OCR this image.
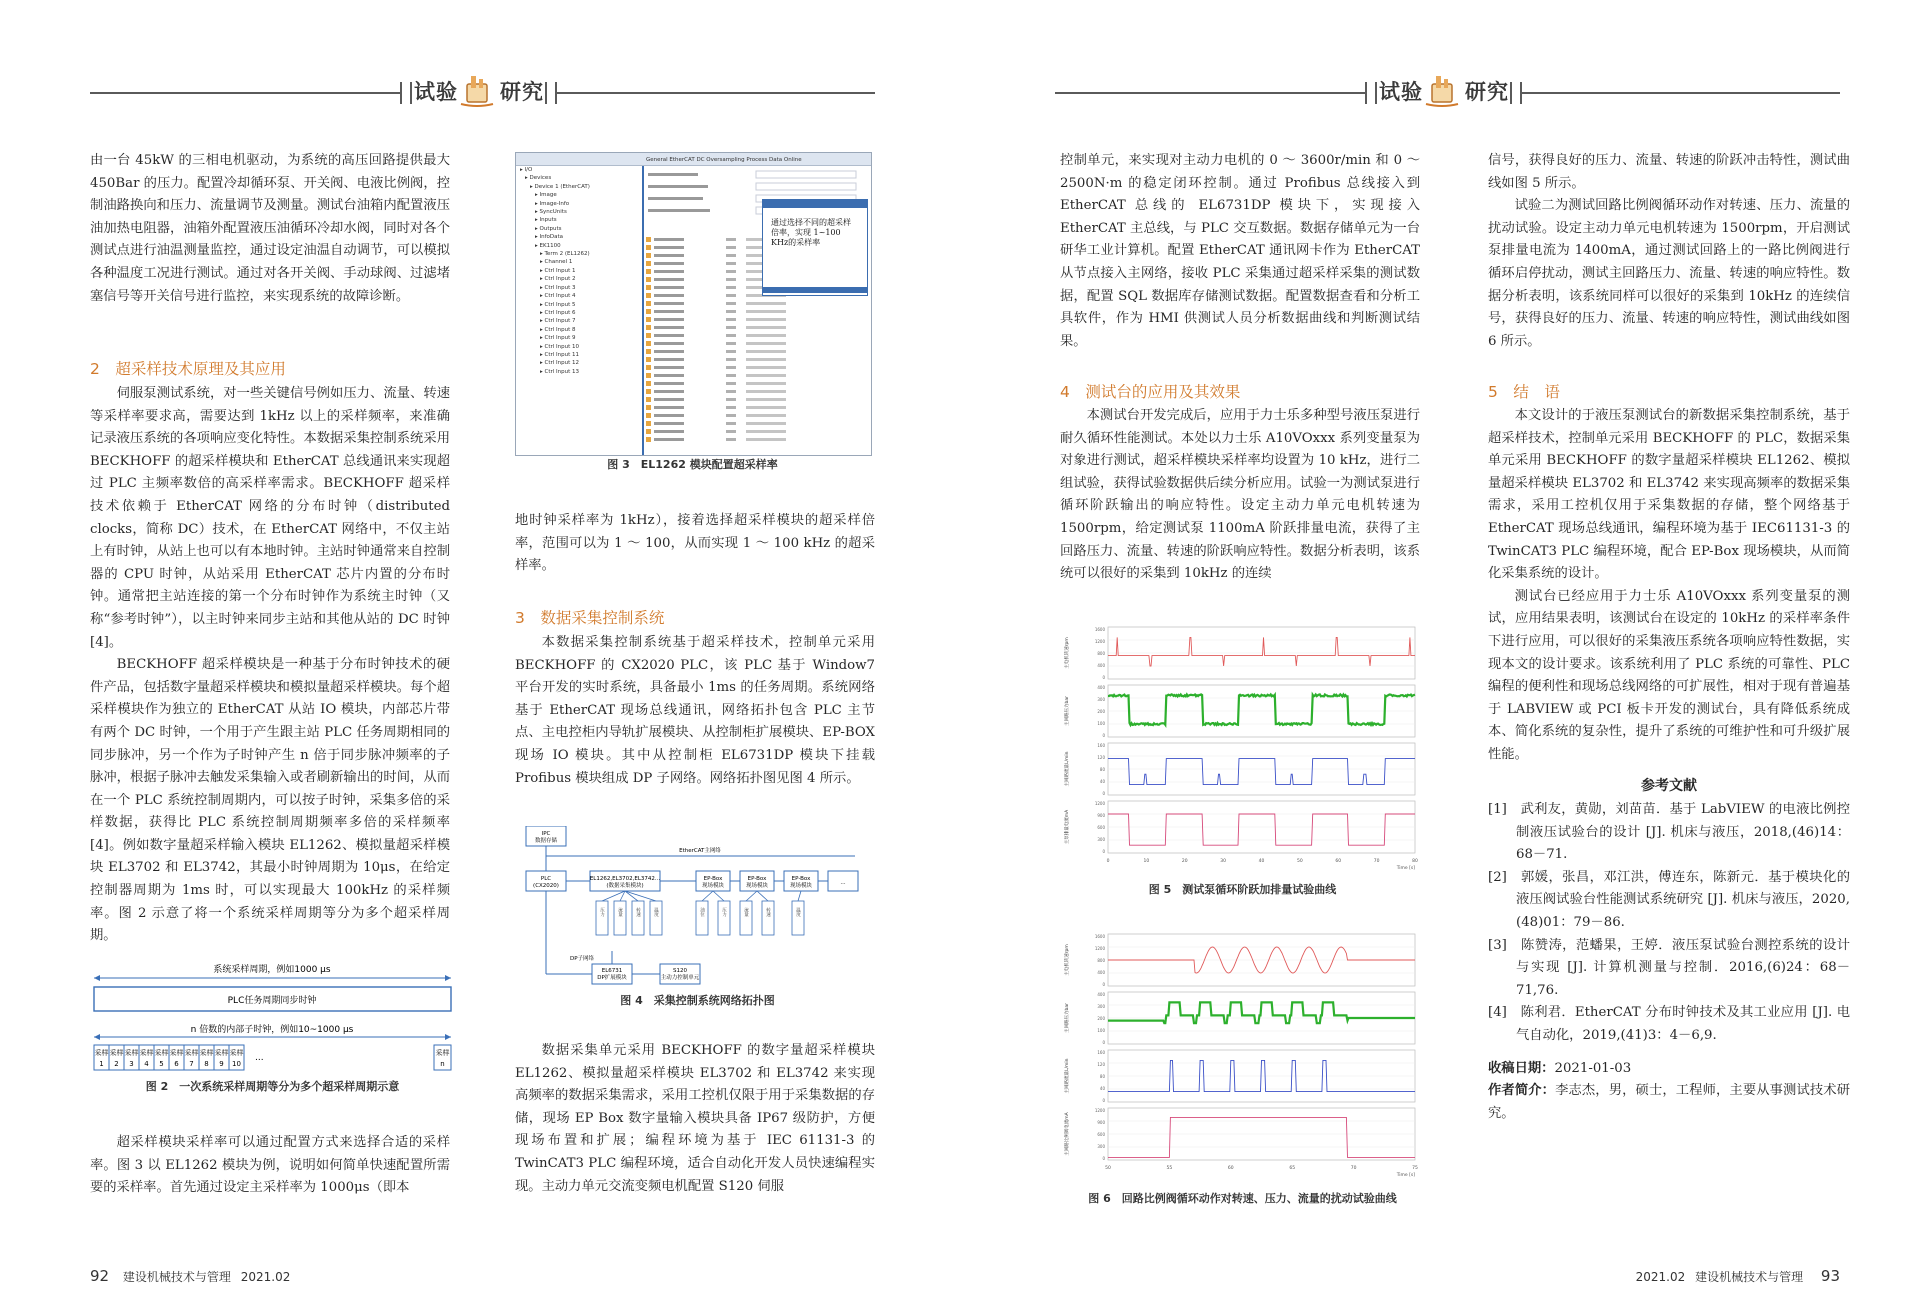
试验 研究	试验 研究

由一台 45kW 的三相电机驱动，为系统的高压回路提供最大 450Bar 的压力。配置冷却循环泵、开关阀、电液比例阀，控制油路换向和压力、流量调节及测量。测试台油箱内配置液压油加热电阻器，油箱外配置液压油循环冷却水阀，同时对各个测试点进行油温测量监控，通过设定油温自动调节，可以模拟各种温度工况进行测试。通过对各开关阀、手动球阀、过滤堵塞信号等开关信号进行监控，来实现系统的故障诊断。

2　超采样技术原理及其应用

伺服泵测试系统，对一些关键信号例如压力、流量、转速等采样率要求高，需要达到 1kHz 以上的采样频率，来准确记录液压系统的各项响应变化特性。本数据采集控制系统采用 BECKHOFF 的超采样模块和 EtherCAT 总线通讯来实现超过 PLC 主频率数倍的高采样率需求。BECKHOFF 超采样技术依赖于 EtherCAT 网络的分布时钟（distributed clocks，简称 DC）技术，在 EtherCAT 网络中，不仅主站上有时钟，从站上也可以有本地时钟。主站时钟通常来自控制器的 CPU 时钟，从站采用 EtherCAT 芯片内置的分布时钟。通常把主站连接的第一个分布时钟作为系统主时钟（又称“参考时钟”），以主时钟来同步主站和其他从站的 DC 时钟 [4]。

BECKHOFF 超采样模块是一种基于分布时钟技术的硬件产品，包括数字量超采样模块和模拟量超采样模块。每个超采样模块作为独立的 EtherCAT 从站 IO 模块，内部芯片带有两个 DC 时钟，一个用于产生跟主站 PLC 任务周期相同的同步脉冲，另一个作为子时钟产生 n 倍于同步脉冲频率的子脉冲，根据子脉冲去触发采集输入或者刷新输出的时间，从而在一个 PLC 系统控制周期内，可以按子时钟，采集多倍的采样数据，获得比 PLC 系统控制周期频率多倍的采样频率 [4]。例如数字量超采样输入模块 EL1262、模拟量超采样模块 EL3702 和 EL3742，其最小时钟周期为 10μs，在给定控制器周期为 1ms 时，可以实现最大 100kHz 的采样频率。图 2 示意了将一个系统采样周期等分为多个超采样周期。

系统采样周期，例如1000 μs
PLC任务周期同步时钟
n 倍数的内部子时钟，例如10~1000 μs
采样
1
采样
2
采样
3
采样
4
采样
5
采样
6
采样
7
采样
8
采样
9
采样
10
...	采样
n
图 2　一次系统采样周期等分为多个超采样周期示意

超采样模块采样率可以通过配置方式来选择合适的采样率。图 3 以 EL1262 模块为例，说明如何简单快速配置所需要的采样率。首先通过设定主采样率为 1000μs（即本

▸ I/O
▸ Devices
▸ Device 1 (EtherCAT)
▸ Image
▸ Image-Info
▸ SyncUnits
▸ Inputs
▸ Outputs
▸ InfoData
▸ EK1100
▸ Term 2 (EL1262)
▸ Channel 1
▸ Ctrl Input 1
▸ Ctrl Input 2
▸ Ctrl Input 3
▸ Ctrl Input 4
▸ Ctrl Input 5
▸ Ctrl Input 6
▸ Ctrl Input 7
▸ Ctrl Input 8
▸ Ctrl Input 9
▸ Ctrl Input 10
▸ Ctrl Input 11
▸ Ctrl Input 12
▸ Ctrl Input 13
General EtherCAT DC Oversampling Process Data Online
通过选择不同的超采样倍率，实现 1~100 KHz的采样率
图 3　EL1262 模块配置超采样率

地时钟采样率为 1kHz），接着选择超采样模块的超采样倍率，范围可以为 1 ～ 100，从而实现 1 ～ 100 kHz 的超采样率。

3　数据采集控制系统

本数据采集控制系统基于超采样技术，控制单元采用 BECKHOFF 的 CX2020 PLC，该 PLC 基于 Window7 平台开发的实时系统，具备最小 1ms 的任务周期。系统网络基于 EtherCAT 现场总线通讯，网络拓扑包含 PLC 主节点、主电控柜内导轨扩展模块、从控制柜扩展模块、EP-BOX 现场 IO 模块。其中从控制柜 EL6731DP 模块下挂载 Profibus 模块组成 DP 子网络。网络拓扑图见图 4 所示。

压力	流量	转速	温度	油位	压力	流量	转速	温度
IPC
数据存储
EtherCAT主网络
PLC
(CX2020)
EL1262,EL3702,EL3742...
(数据采集模块)
EP-Box
现场模块
EP-Box
现场模块
EP-Box
现场模块	...
DP子网络
EL6731
DP扩展模块
S120
主动力控制单元
图 4　采集控制系统网络拓扑图

数据采集单元采用 BECKHOFF 的数字量超采样模块 EL1262、模拟量超采样模块 EL3702 和 EL3742 来实现高频率的数据采集需求，采用工控机仅限于用于采集数据的存储，现场 EP Box 数字量输入模块具备 IP67 级防护，方便现场布置和扩展；编程环境为基于 IEC 61131-3 的 TwinCAT3 PLC 编程环境，适合自动化开发人员快速编程实现。主动力单元交流变频电机配置 S120 伺服

控制单元，来实现对主动力电机的 0 ～ 3600r/min 和 0 ～ 2500N·m 的稳定闭环控制。通过 Profibus 总线接入到 EtherCAT 总线的 EL6731DP 模块下，实现接入 EtherCAT 主总线，与 PLC 交互数据。数据存储单元为一台研华工业计算机。配置 EtherCAT 通讯网卡作为 EtherCAT 从节点接入主网络，接收 PLC 采集通过超采样采集的测试数据，配置 SQL 数据库存储测试数据。配置数据查看和分析工具软件，作为 HMI 供测试人员分析数据曲线和判断测试结果。

4　测试台的应用及其效果

本测试台开发完成后，应用于力士乐多种型号液压泵进行耐久循环性能测试。本处以力士乐 A10VOxxx 系列变量泵为对象进行测试，超采样模块采样率均设置为 10 kHz，进行二组试验，获得试验数据供后续分析应用。试验一为测试泵进行循环阶跃输出的响应特性。设定主动力单元电机转速为 1500rpm，给定测试泵 1100mA 阶跃排量电流，获得了主回路压力、流量、转速的阶跃响应特性。数据分析表明，该系统可以很好的采集到 10kHz 的连续

主电机转速rpm
1600
1200
800
400
0
主回路压力bar
400
300
200
100
0
主回路流量L/min
160
120
80
40
0
主泵排量电流mA
1200
900
600
300
0
0	10	20	30	40	50	60	70	80
Time [s]
图 5　测试泵循环阶跃加排量试验曲线
主电机转速rpm
1600
1200
800
400
0
主回路压力bar
400
300
200
100
0
主回路流量L/min
160
120
80
40
0
主回路比例阀电流mA
1200
900
600
300
0
50	55	60	65	70	75
Time [s]
图 6　回路比例阀循环动作对转速、压力、流量的扰动试验曲线

信号，获得良好的压力、流量、转速的阶跃冲击特性，测试曲线如图 5 所示。

试验二为测试回路比例阀循环动作对转速、压力、流量的扰动试验。设定主动力单元电机转速为 1500rpm，开启测试泵排量电流为 1400mA，通过测试回路上的一路比例阀进行循环启停扰动，测试主回路压力、流量、转速的响应特性。数据分析表明，该系统同样可以很好的采集到 10kHz 的连续信号，获得良好的压力、流量、转速的响应特性，测试曲线如图 6 所示。

5　结　语

本文设计的于液压泵测试台的新数据采集控制系统，基于超采样技术，控制单元采用 BECKHOFF 的 PLC，数据采集单元采用 BECKHOFF 的数字量超采样模块 EL1262、模拟量超采样模块 EL3702 和 EL3742 来实现高频率的数据采集需求，采用工控机仅用于采集数据的存储，整个网络基于 EtherCAT 现场总线通讯，编程环境为基于 IEC61131-3 的 TwinCAT3 PLC 编程环境，配合 EP-Box 现场模块，从而简化采集系统的设计。

测试台已经应用于力士乐 A10VOxxx 系列变量泵的测试，应用结果表明，该测试台在设定的 10kHz 的采样率条件下进行应用，可以很好的采集液压系统各项响应特性数据，实现本文的设计要求。该系统利用了 PLC 系统的可靠性、PLC 编程的便利性和现场总线网络的可扩展性，相对于现有普遍基于 LABVIEW 或 PCI 板卡开发的测试台，具有降低系统成本、简化系统的复杂性，提升了系统的可维护性和可升级扩展性能。

参考文献

[1]　武利友，黄勋，刘苗苗．基于 LabVIEW 的电液比例控制液压试验台的设计 [J]. 机床与液压，2018,(46)14：68－71.

[2]　郭媛，张昌，邓江洪，傅连东，陈新元．基于模块化的液压阀试验台性能测试系统研究 [J]. 机床与液压，2020,(48)01：79－86.

[3]　陈赞涛，范蟠果，王婷．液压泵试验台测控系统的设计与实现 [J]. 计算机测量与控制．2016,(6)24：68－71,76.

[4]　陈利君．EtherCAT 分布时钟技术及其工业应用 [J]. 电气自动化，2019,(41)3：4－6,9.

收稿日期：2021-01-03

作者简介：李志杰，男，硕士，工程师，主要从事测试技术研究。

92 建设机械技术与管理 2021.02	2021.02 建设机械技术与管理 93
